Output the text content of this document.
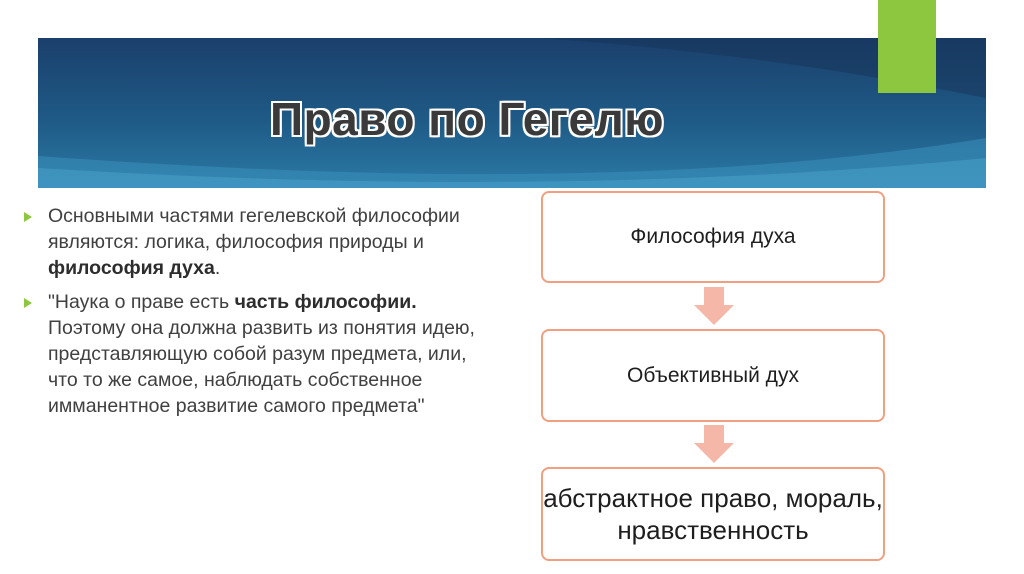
Право по Гегелю
Основными частями гегелевской философии являются: логика, философия природы и философия духа.
"Наука о праве есть часть философии. Поэтому она должна развить из понятия идею, представляющую собой разум предмета, или, что то же самое, наблюдать собственное имманентное развитие самого предмета"
Философия духа
Объективный дух
абстрактное право, мораль, нравственность
